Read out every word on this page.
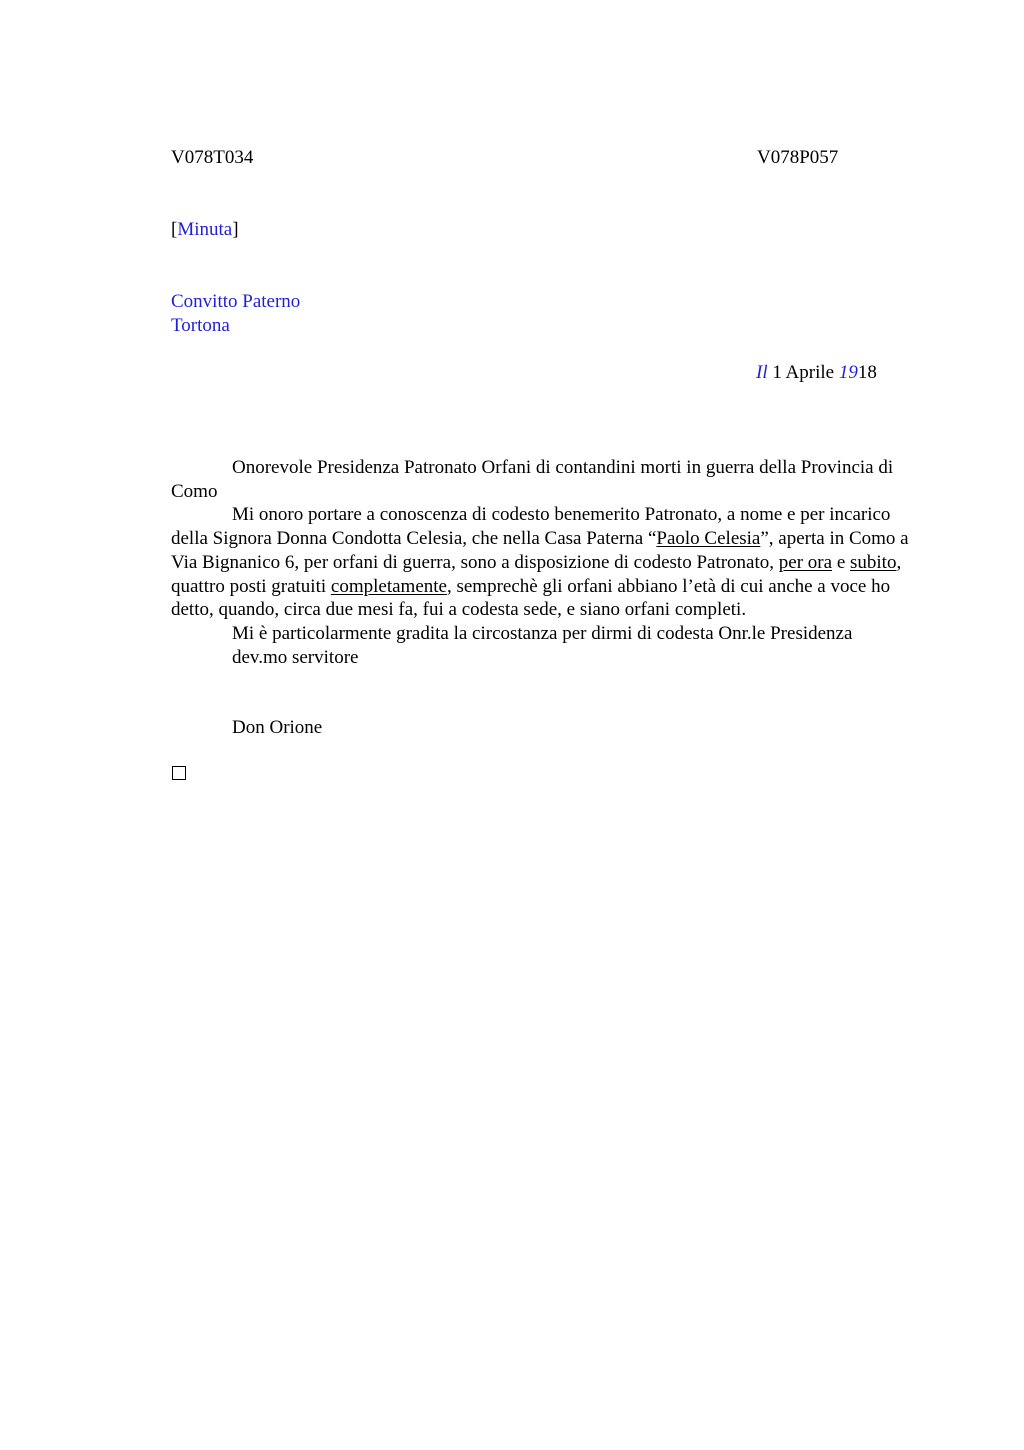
V078T034	V078P057
[Minuta]
Convitto Paterno
Tortona
Il 1 Aprile 1918

Onorevole Presidenza Patronato Orfani di contandini morti in guerra della Provincia di Como

Mi onoro portare a conoscenza di codesto benemerito Patronato, a nome e per incarico della Signora Donna Condotta Celesia, che nella Casa Paterna “Paolo Celesia”, aperta in Como a Via Bignanico 6, per orfani di guerra, sono a disposizione di codesto Patronato, per ora e subito, quattro posti gratuiti completamente, semprechè gli orfani abbiano l’età di cui anche a voce ho detto, quando, circa due mesi fa, fui a codesta sede, e siano orfani completi.

Mi è particolarmente gradita la circostanza per dirmi di codesta Onr.le Presidenza

dev.mo servitore

Don Orione
